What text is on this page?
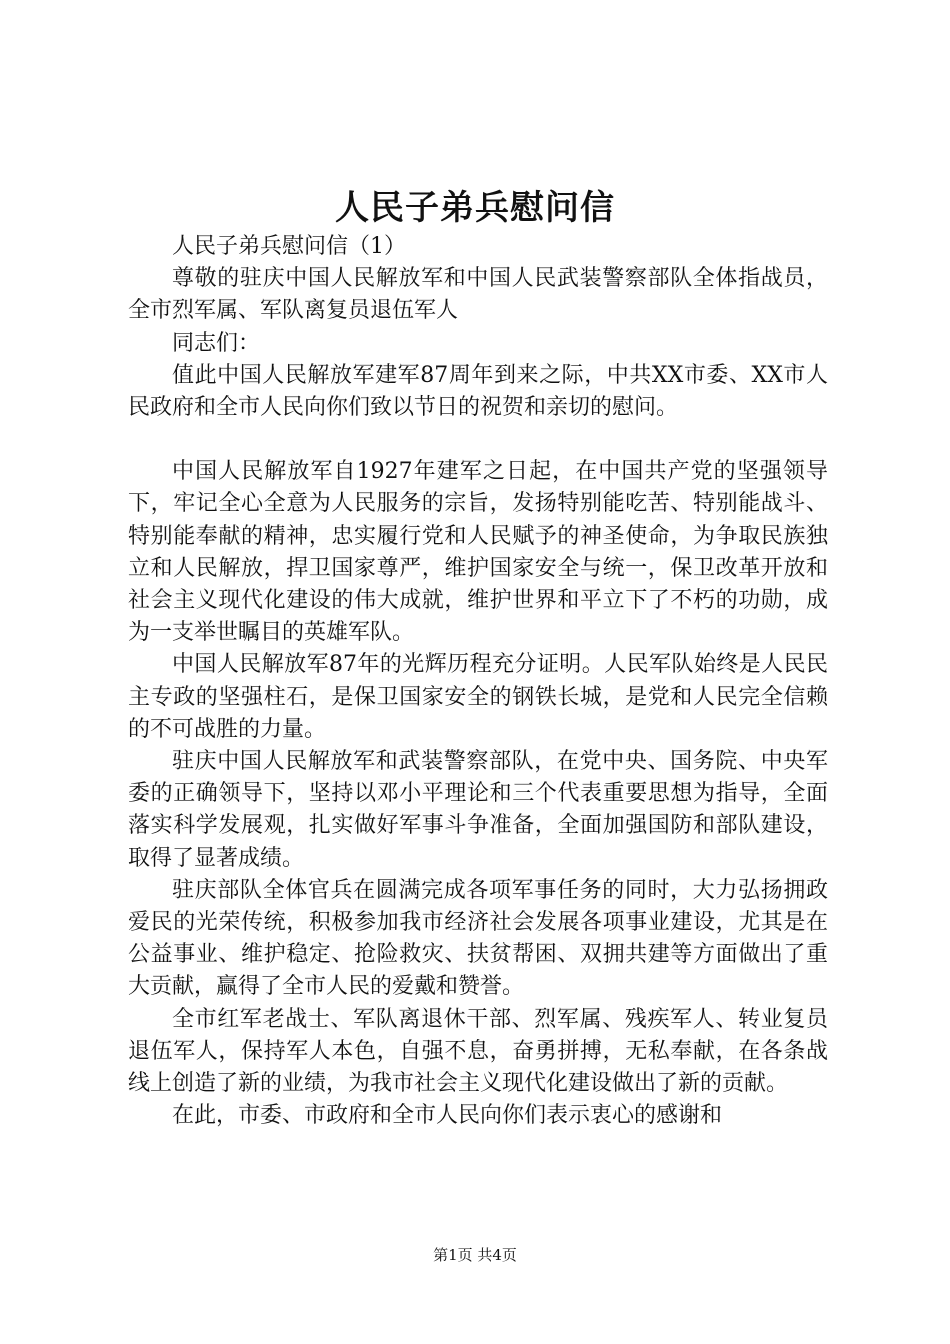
人民子弟兵慰问信

人民子弟兵慰问信（1）

尊敬的驻庆中国人民解放军和中国人民武装警察部队全体指战员，全市烈军属、军队离复员退伍军人

同志们：

值此中国人民解放军建军87周年到来之际，中共XX市委、XX市人民政府和全市人民向你们致以节日的祝贺和亲切的慰问。

中国人民解放军自1927年建军之日起，在中国共产党的坚强领导下，牢记全心全意为人民服务的宗旨，发扬特别能吃苦、特别能战斗、特别能奉献的精神，忠实履行党和人民赋予的神圣使命，为争取民族独立和人民解放，捍卫国家尊严，维护国家安全与统一，保卫改革开放和社会主义现代化建设的伟大成就，维护世界和平立下了不朽的功勋，成为一支举世瞩目的英雄军队。

中国人民解放军87年的光辉历程充分证明。人民军队始终是人民民主专政的坚强柱石，是保卫国家安全的钢铁长城，是党和人民完全信赖的不可战胜的力量。

驻庆中国人民解放军和武装警察部队，在党中央、国务院、中央军委的正确领导下，坚持以邓小平理论和三个代表重要思想为指导，全面落实科学发展观，扎实做好军事斗争准备，全面加强国防和部队建设，取得了显著成绩。

驻庆部队全体官兵在圆满完成各项军事任务的同时，大力弘扬拥政爱民的光荣传统，积极参加我市经济社会发展各项事业建设，尤其是在公益事业、维护稳定、抢险救灾、扶贫帮困、双拥共建等方面做出了重大贡献，赢得了全市人民的爱戴和赞誉。

全市红军老战士、军队离退休干部、烈军属、残疾军人、转业复员退伍军人，保持军人本色，自强不息，奋勇拼搏，无私奉献，在各条战线上创造了新的业绩，为我市社会主义现代化建设做出了新的贡献。

在此，市委、市政府和全市人民向你们表示衷心的感谢和

第1页 共4页
